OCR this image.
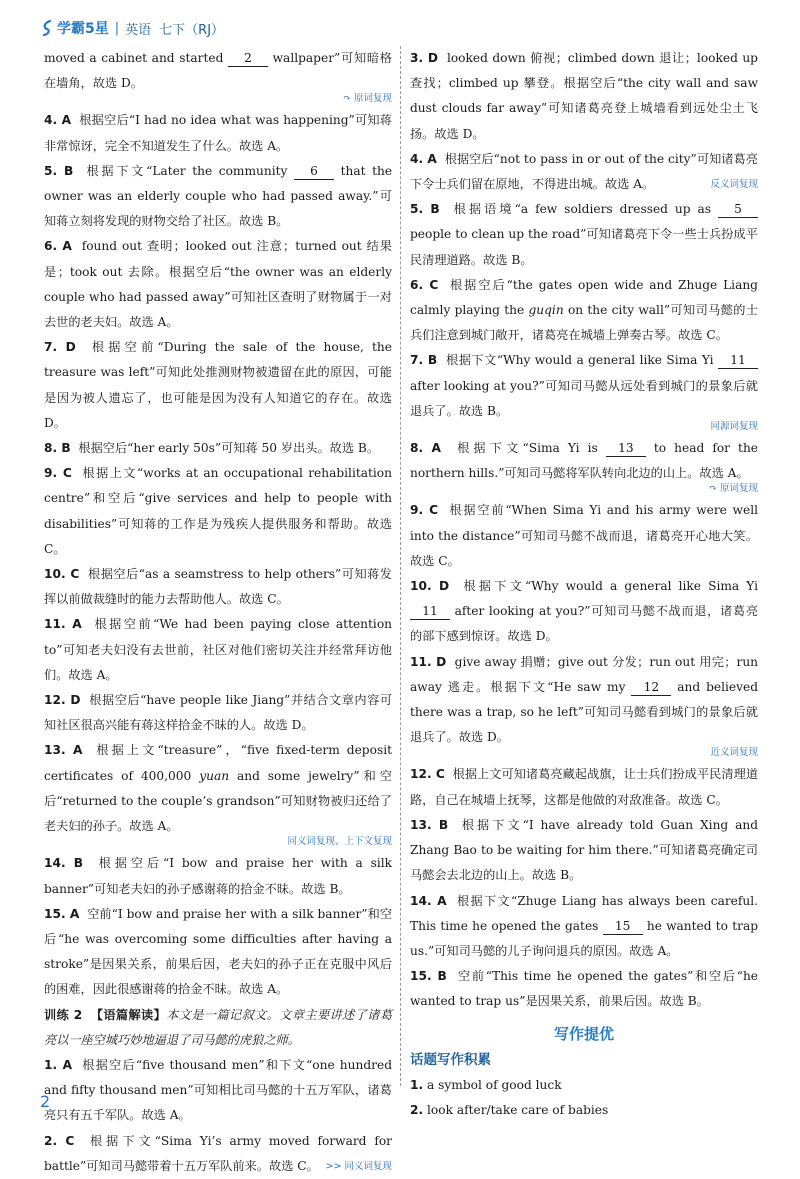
学霸5星 | 英语 七下（RJ）
moved a cabinet and started 2 wallpaper”可知暗格在墙角，故选 D。
↷ 原词复现
4. A 根据空后“I had no idea what was happening”可知蒋非常惊讶，完全不知道发生了什么。故选 A。
5. B 根据下文“Later the community 6 that the owner was an elderly couple who had passed away.”可知蒋立刻将发现的财物交给了社区。故选 B。
6. A found out 查明；looked out 注意；turned out 结果是；took out 去除。根据空后“the owner was an elderly couple who had passed away”可知社区查明了财物属于一对去世的老夫妇。故选 A。
7. D 根据空前“During the sale of the house, the treasure was left”可知此处推测财物被遗留在此的原因，可能是因为被人遗忘了，也可能是因为没有人知道它的存在。故选 D。
8. B 根据空后“her early 50s”可知蒋 50 岁出头。故选 B。
9. C 根据上文“works at an occupational rehabilitation centre”和空后“give services and help to people with disabilities”可知蒋的工作是为残疾人提供服务和帮助。故选 C。
10. C 根据空后“as a seamstress to help others”可知蒋发挥以前做裁缝时的能力去帮助他人。故选 C。
11. A 根据空前“We had been paying close attention to”可知老夫妇没有去世前，社区对他们密切关注并经常拜访他们。故选 A。
12. D 根据空后“have people like Jiang”并结合文章内容可知社区很高兴能有蒋这样拾金不昧的人。故选 D。
13. A 根据上文“treasure”，“five fixed-term deposit certificates of 400,000 yuan and some jewelry”和空后“returned to the couple’s grandson”可知财物被归还给了老夫妇的孙子。故选 A。
同义词复现、上下文复现
14. B 根据空后“I bow and praise her with a silk banner”可知老夫妇的孙子感谢蒋的拾金不昧。故选 B。
15. A 空前“I bow and praise her with a silk banner”和空后“he was overcoming some difficulties after having a stroke”是因果关系，前果后因，老夫妇的孙子正在克服中风后的困难，因此很感谢蒋的拾金不昧。故选 A。
训练 2 【语篇解读】本文是一篇记叙文。文章主要讲述了诸葛亮以一座空城巧妙地逼退了司马懿的虎狼之师。
1. A 根据空后“five thousand men”和下文“one hundred and fifty thousand men”可知相比司马懿的十五万军队，诸葛亮只有五千军队。故选 A。
2. C 根据下文“Sima Yi’s army moved forward for battle”可知司马懿带着十五万军队前来。故选 C。 >> 同义词复现
3. D looked down 俯视；climbed down 退让；looked up 查找；climbed up 攀登。根据空后“the city wall and saw dust clouds far away”可知诸葛亮登上城墙看到远处尘土飞扬。故选 D。
4. A 根据空后“not to pass in or out of the city”可知诸葛亮下令士兵们留在原地，不得进出城。故选 A。	反义词复现
5. B 根据语境“a few soldiers dressed up as 5 people to clean up the road”可知诸葛亮下令一些士兵扮成平民清理道路。故选 B。
6. C 根据空后“the gates open wide and Zhuge Liang calmly playing the guqin on the city wall”可知司马懿的士兵们注意到城门敞开，诸葛亮在城墙上弹奏古琴。故选 C。
7. B 根据下文“Why would a general like Sima Yi 11 after looking at you?”可知司马懿从远处看到城门的景象后就退兵了。故选 B。
同源词复现
8. A 根据下文“Sima Yi is 13 to head for the northern hills.”可知司马懿将军队转向北边的山上。故选 A。
↷ 原词复现
9. C 根据空前“When Sima Yi and his army were well into the distance”可知司马懿不战而退，诸葛亮开心地大笑。故选 C。
10. D 根据下文“Why would a general like Sima Yi 11 after looking at you?”可知司马懿不战而退，诸葛亮的部下感到惊讶。故选 D。
11. D give away 捐赠；give out 分发；run out 用完；run away 逃走。根据下文“He saw my 12 and believed there was a trap, so he left”可知司马懿看到城门的景象后就退兵了。故选 D。
近义词复现
12. C 根据上文可知诸葛亮藏起战旗，让士兵们扮成平民清理道路，自己在城墙上抚琴，这都是他做的对敌准备。故选 C。
13. B 根据下文“I have already told Guan Xing and Zhang Bao to be waiting for him there.”可知诸葛亮确定司马懿会去北边的山上。故选 B。
14. A 根据下文“Zhuge Liang has always been careful. This time he opened the gates 15 he wanted to trap us.”可知司马懿的儿子询问退兵的原因。故选 A。
15. B 空前“This time he opened the gates”和空后“he wanted to trap us”是因果关系，前果后因。故选 B。
写作提优
话题写作积累
1. a symbol of good luck
2. look after/take care of babies
2
